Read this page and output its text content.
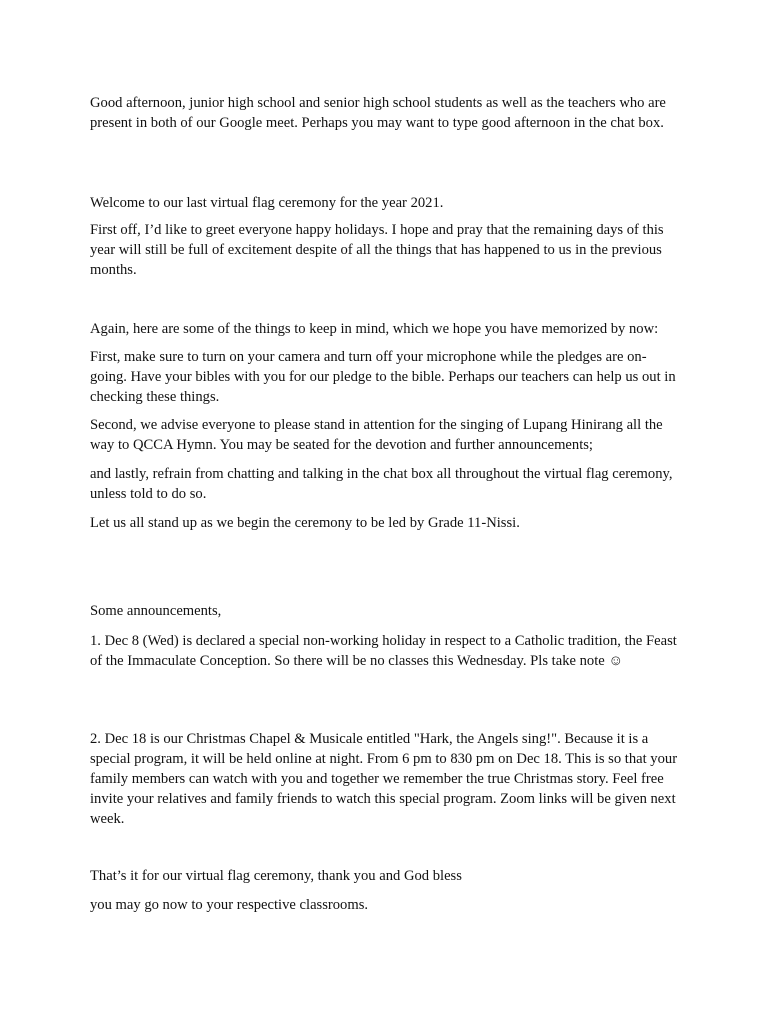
Good afternoon, junior high school and senior high school students as well as the teachers who are present in both of our Google meet. Perhaps you may want to type good afternoon in the chat box.

Welcome to our last virtual flag ceremony for the year 2021.

First off, I’d like to greet everyone happy holidays. I hope and pray that the remaining days of this year will still be full of excitement despite of all the things that has happened to us in the previous months.

Again, here are some of the things to keep in mind, which we hope you have memorized by now:

First, make sure to turn on your camera and turn off your microphone while the pledges are on-going. Have your bibles with you for our pledge to the bible. Perhaps our teachers can help us out in checking these things.

Second, we advise everyone to please stand in attention for the singing of Lupang Hinirang all the way to QCCA Hymn. You may be seated for the devotion and further announcements;

and lastly, refrain from chatting and talking in the chat box all throughout the virtual flag ceremony, unless told to do so.

Let us all stand up as we begin the ceremony to be led by Grade 11-Nissi.

Some announcements,

1. Dec 8 (Wed) is declared a special non-working holiday in respect to a Catholic tradition, the Feast of the Immaculate Conception. So there will be no classes this Wednesday. Pls take note ☺

2. Dec 18 is our Christmas Chapel & Musicale entitled "Hark, the Angels sing!". Because it is a special program, it will be held online at night. From 6 pm to 830 pm on Dec 18. This is so that your family members can watch with you and together we remember the true Christmas story. Feel free invite your relatives and family friends to watch this special program. Zoom links will be given next week.

That’s it for our virtual flag ceremony, thank you and God bless

you may go now to your respective classrooms.
